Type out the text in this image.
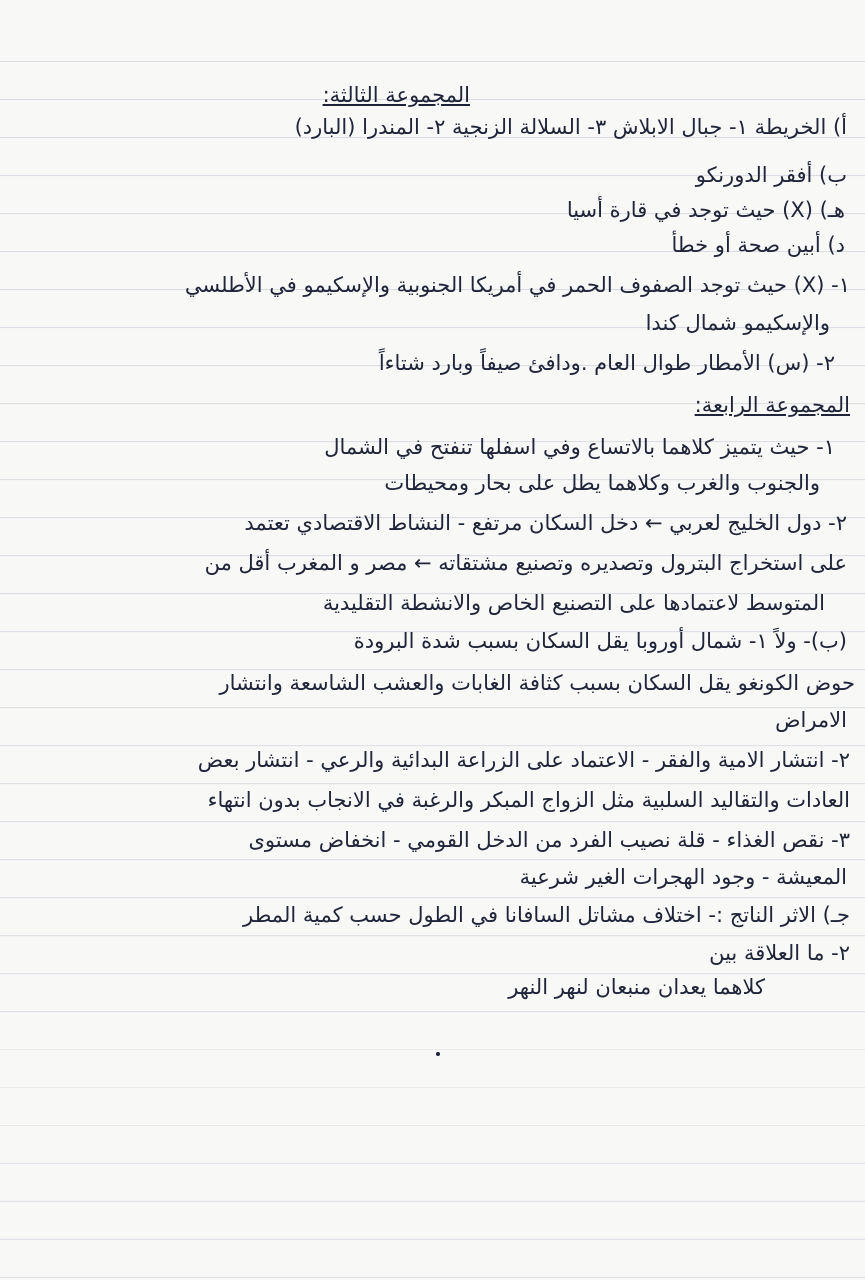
المجموعة الثالثة:
أ) الخريطة ١- جبال الابلاش ٣- السلالة الزنجية ٢- المندرا (البارد)
ب) أفقر الدورنكو
هـ) (X) حيث توجد في قارة أسيا
د) أبين صحة أو خطأ
١- (X) حيث توجد الصفوف الحمر في أمريكا الجنوبية والإسكيمو في الأطلسي
والإسكيمو شمال كندا
٢- (س) الأمطار طوال العام .ودافئ صيفاً وبارد شتاءاً
المجموعة الرابعة:
١- حيث يتميز كلاهما بالاتساع وفي اسفلها تنفتح في الشمال
والجنوب والغرب وكلاهما يطل على بحار ومحيطات
٢- دول الخليج لعربي ← دخل السكان مرتفع - النشاط الاقتصادي تعتمد
على استخراج البترول وتصديره وتصنيع مشتقاته ← مصر و المغرب أقل من
المتوسط لاعتمادها على التصنيع الخاص والانشطة التقليدية
(ب)- ولاً ١- شمال أوروبا يقل السكان بسبب شدة البرودة
حوض الكونغو يقل السكان بسبب كثافة الغابات والعشب الشاسعة وانتشار
الامراض
٢- انتشار الامية والفقر - الاعتماد على الزراعة البدائية والرعي - انتشار بعض
العادات والتقاليد السلبية مثل الزواج المبكر والرغبة في الانجاب بدون انتهاء
٣- نقص الغذاء - قلة نصيب الفرد من الدخل القومي - انخفاض مستوى
المعيشة - وجود الهجرات الغير شرعية
جـ) الاثر الناتج :- اختلاف مشاتل السافانا في الطول حسب كمية المطر
٢- ما العلاقة بين
كلاهما يعدان منبعان لنهر النهر
